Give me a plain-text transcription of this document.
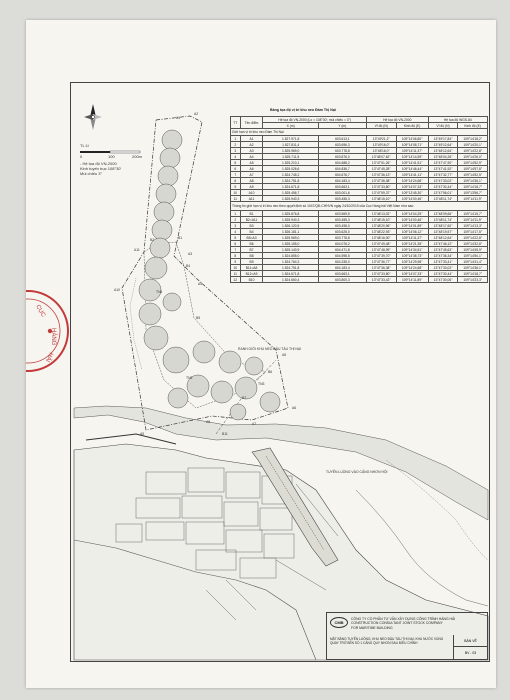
TL:1/
0	100	200m
- Hệ tọa độ VN-2000
Kinh tuyến trục 108°30'
Múi chiếu 3°
RANH GIỚI KHU NEO ĐẬU TÀU THỊ NẠI
TUYẾN LUỒNG VÀO CẢNG NHƠN HỘI
A1
A2
A3
A4
A5
A6
A7
A8
A9
A10
A11
B1
B2
B4
B5
B6
B7
B11
TN1
TN2
TN3
Bảng tọa độ vị trí khu neo Đầm Thị Nại
TT	Tên điểm	Hệ tọa độ VN-2000 (Lo = 108°30'; múi chiếu = 3°)		Hệ tọa độ VN-2000		Hệ tọa độ WGS-84	
		X (m)	Y (m)	Vĩ độ (N)	Kinh độ (E)	Vĩ độ (N)	Kinh độ (E)
Giới hạn vị trí khu neo Đầm Thị Nại							
1	A1	1.527.971,8	603.613,1	13°49'21,2"	109°14'06,80"	13°49'17,84"	109°14'18,2"
2	A2	1.527.811,4	603.696,3	13°49'16,0"	109°14'08,71"	13°49'12,64"	109°14'20,1"
3	A3	1.525.969,0	603.778,8	13°48'16,0"	109°14'11,37"	13°48'12,64"	109°14'22,8"
4	A4	1.525.711,5	603.876,0	13°48'07,62"	109°14'14,59"	13°48'04,26"	109°14'26,0"
5	A5	1.525.210,1	604.688,2	13°47'51,26"	109°14'41,51"	13°47'47,90"	109°14'52,9"
6	A6	1.525.026,6	604.836,7	13°47'45,28"	109°14'46,44"	13°47'41,92"	109°14'57,8"
7	A7	1.524.745,2	604.676,7	13°47'36,13"	109°14'41,11"	13°47'32,77"	109°14'52,5"
8	A8	1.524.751,8	604.183,4	13°47'36,38"	109°14'24,68"	13°47'33,02"	109°14'36,1"
9	A9	1.524.671,8	603.663,1	13°47'33,80"	109°14'07,33"	13°47'30,44"	109°14'18,7"
10	A10	1.525.456,7	603.001,6	13°47'59,37"	109°13'45,30"	13°47'56,01"	109°13'56,7"
11	A11	1.525.940,3	603.455,3	13°48'15,10"	109°14'00,46"	13°48'11,74"	109°14'11,9"
Thông tin giới hạn vị trí khu neo theo quyết định số 1047/QĐ-CHHVN ngày 24/10/2019 của Cục Hàng hải Việt Nam như sau:							
1	B1	1.525.876,8	603.569,5	13°48'13,02"	109°14'04,25"	13°48'09,66"	109°14'15,7"
2	B2=A11	1.525.940,3	603.455,3	13°48'15,10"	109°14'00,46"	13°48'11,74"	109°14'11,9"
3	B3	1.526.120,5	603.498,0	13°48'20,96"	109°14'01,89"	13°48'17,60"	109°14'13,3"
4	B4	1.526.181,1	603.625,0	13°48'22,93"	109°14'06,12"	13°48'19,57"	109°14'17,5"
5	B5=A3	1.525.969,0	603.778,8	13°48'16,00"	109°14'11,37"	13°48'12,64"	109°14'22,8"
6	B6	1.525.155,0	604.076,2	13°47'49,48"	109°14'21,35"	13°47'46,12"	109°14'32,8"
7	B7	1.525.140,9	604.471,8	13°47'48,99"	109°14'34,51"	13°47'45,63"	109°14'45,9"
8	B8	1.524.855,0	604.598,5	13°47'39,70"	109°14'38,73"	13°47'36,34"	109°14'50,1"
9	B9	1.524.764,3	604.335,0	13°47'36,77"	109°14'29,98"	13°47'33,41"	109°14'41,4"
10	B11=A8	1.524.751,8	604.183,4	13°47'36,38"	109°14'24,68"	13°47'33,02"	109°14'36,1"
11	B12=A9	1.524.671,8	603.663,1	13°47'33,80"	109°14'07,33"	13°47'30,44"	109°14'18,7"
12	B10	1.524.660,4	603.800,3	13°47'33,42"	109°14'11,89"	13°47'30,06"	109°14'23,3"
CMB
CÔNG TY CỔ PHẦN TƯ VẤN XÂY DỰNG CÔNG TRÌNH HÀNG HẢI
CONSTRUCTION CONSULTANT JOINT STOCK COMPANY
FOR MARITIME BUILDING
MẶT BẰNG TUYẾN LUỒNG, KHU NEO ĐẬU TÀU THỊ NẠI, KHU NƯỚC VÙNG QUAY TRỞ BẾN SỐ 1 CẢNG QUY NHƠN SAU ĐIỀU CHỈNH
BẢN VẼ
BV - 03
CỤC
HÀNG
HẢI
